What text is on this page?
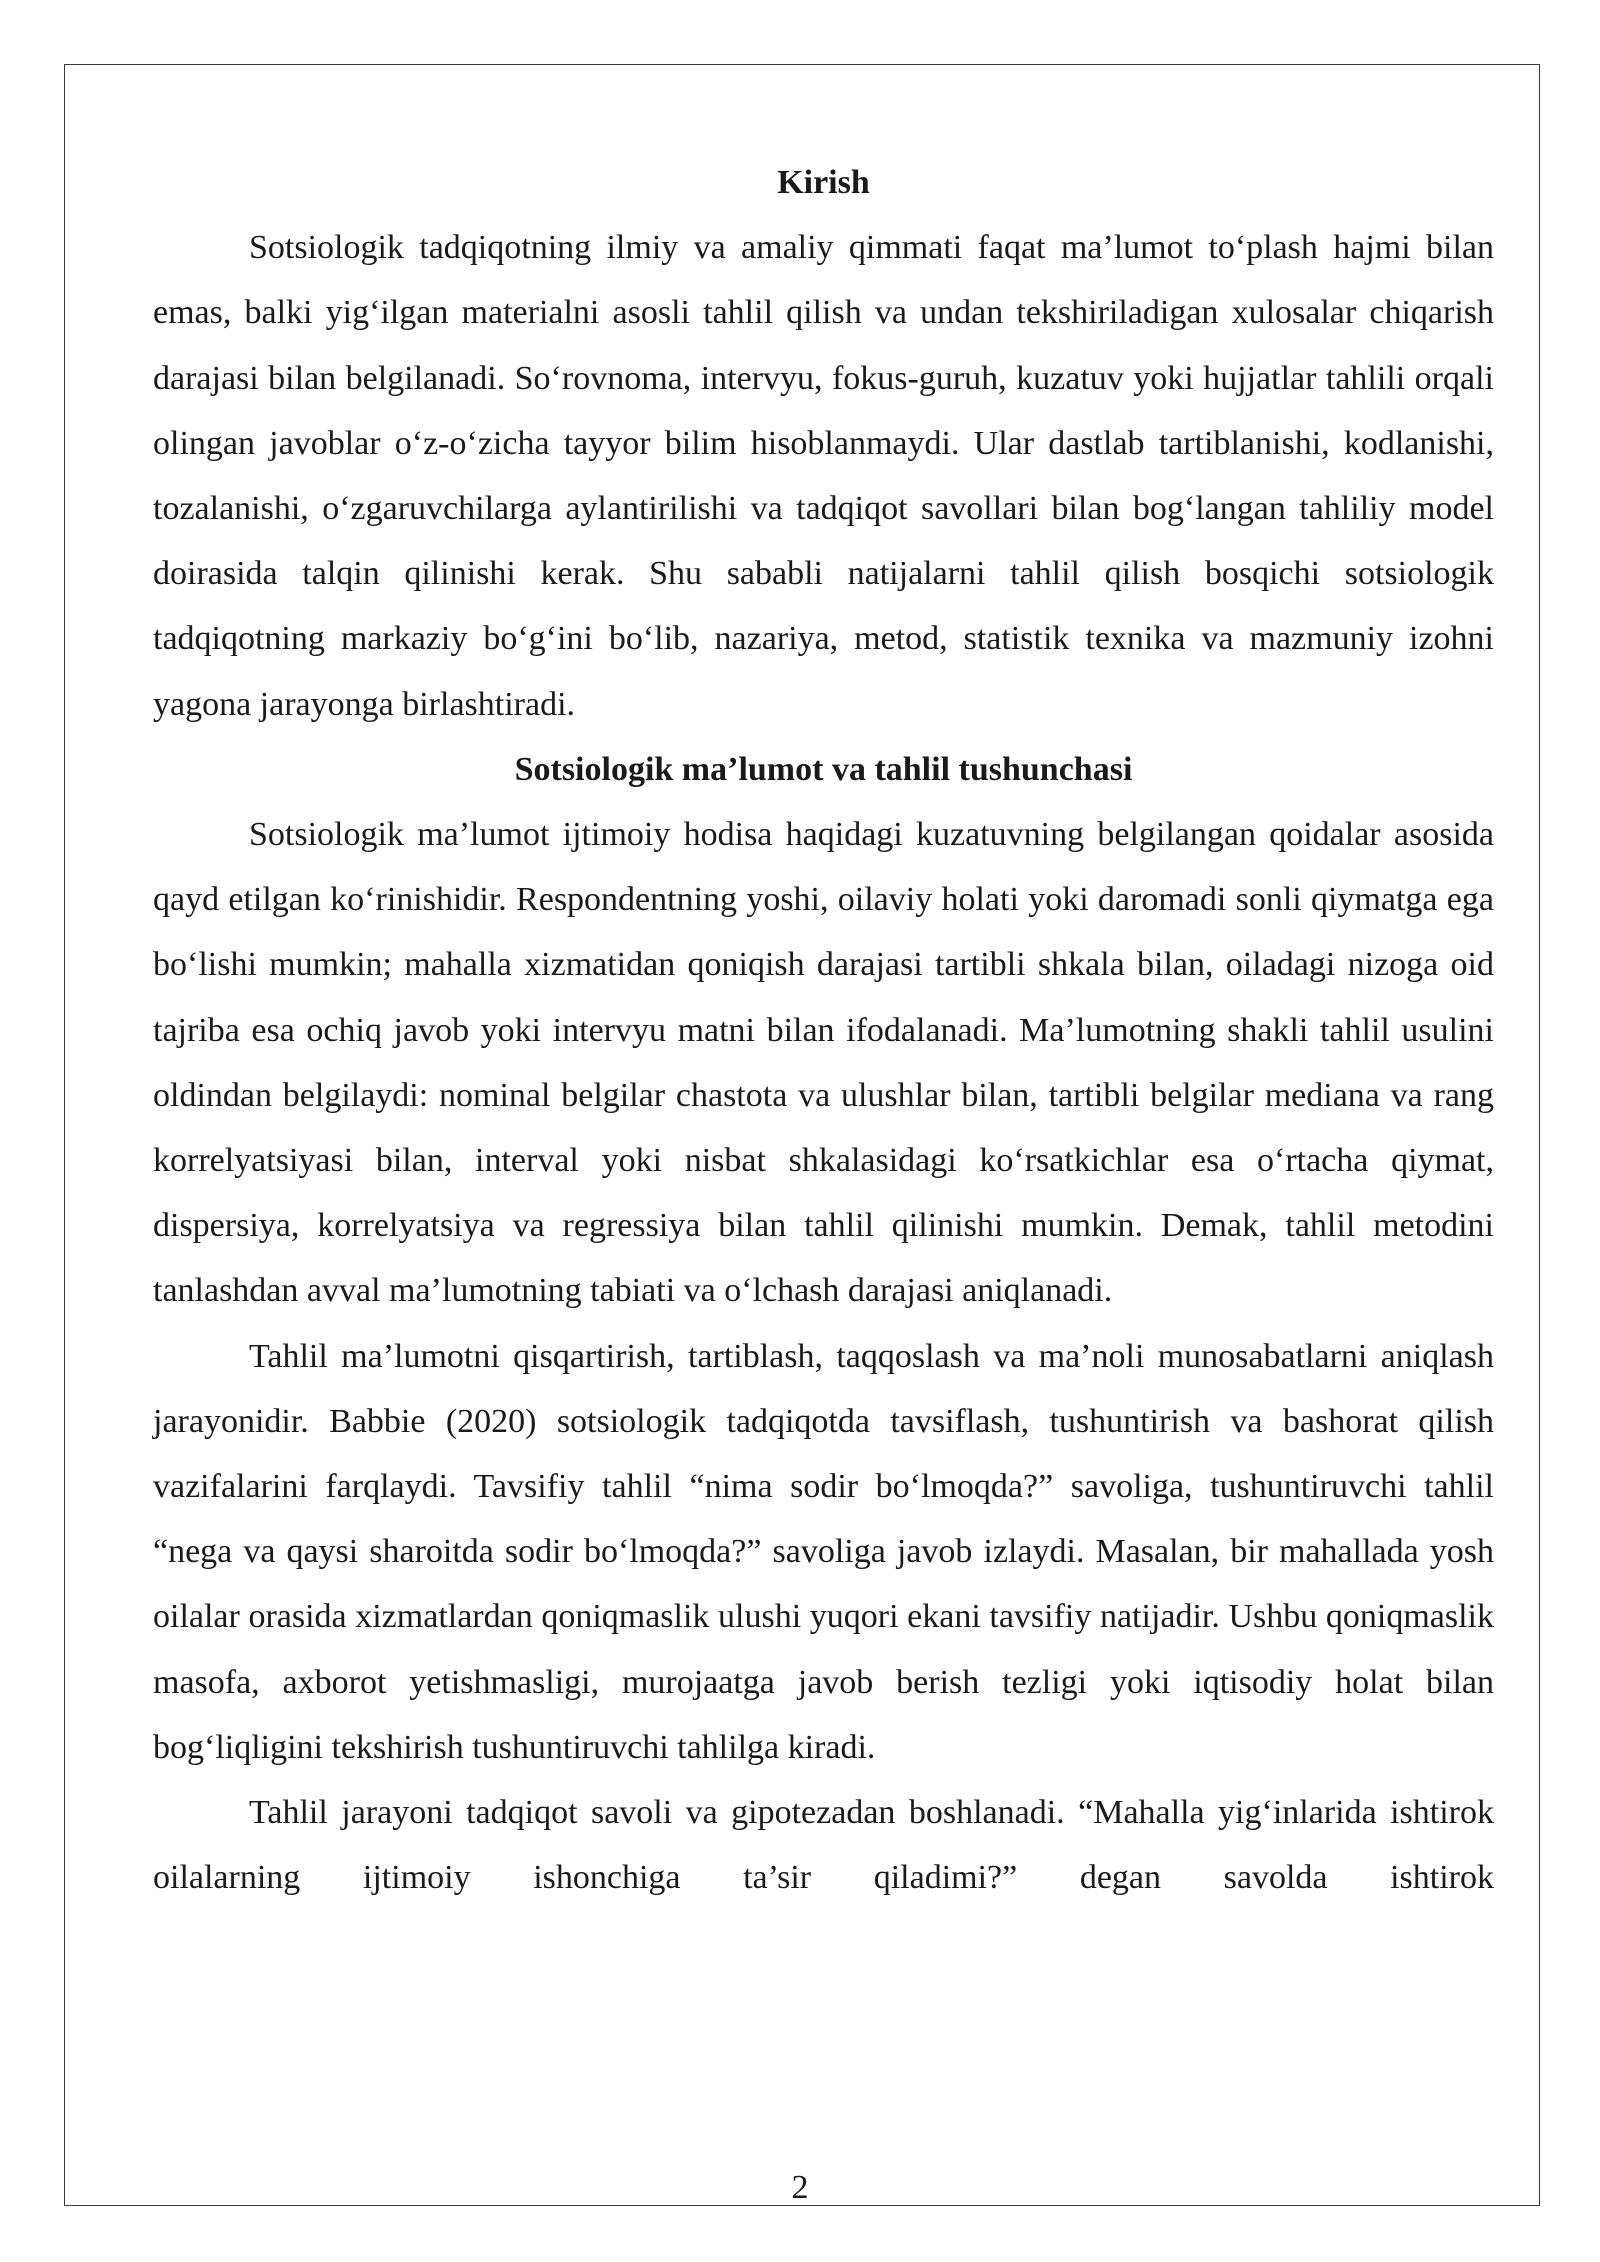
Kirish

Sotsiologik tadqiqotning ilmiy va amaliy qimmati faqat ma’lumot to‘plash hajmi bilan emas, balki yig‘ilgan materialni asosli tahlil qilish va undan tekshiriladigan xulosalar chiqarish darajasi bilan belgilanadi. So‘rovnoma, intervyu, fokus-guruh, kuzatuv yoki hujjatlar tahlili orqali olingan javoblar o‘z-o‘zicha tayyor bilim hisoblanmaydi. Ular dastlab tartiblanishi, kodlanishi, tozalanishi, o‘zgaruvchilarga aylantirilishi va tadqiqot savollari bilan bog‘langan tahliliy model doirasida talqin qilinishi kerak. Shu sababli natijalarni tahlil qilish bosqichi sotsiologik tadqiqotning markaziy bo‘g‘ini bo‘lib, nazariya, metod, statistik texnika va mazmuniy izohni yagona jarayonga birlashtiradi.

Sotsiologik ma’lumot va tahlil tushunchasi

Sotsiologik ma’lumot ijtimoiy hodisa haqidagi kuzatuvning belgilangan qoidalar asosida qayd etilgan ko‘rinishidir. Respondentning yoshi, oilaviy holati yoki daromadi sonli qiymatga ega bo‘lishi mumkin; mahalla xizmatidan qoniqish darajasi tartibli shkala bilan, oiladagi nizoga oid tajriba esa ochiq javob yoki intervyu matni bilan ifodalanadi. Ma’lumotning shakli tahlil usulini oldindan belgilaydi: nominal belgilar chastota va ulushlar bilan, tartibli belgilar mediana va rang korrelyatsiyasi bilan, interval yoki nisbat shkalasidagi ko‘rsatkichlar esa o‘rtacha qiymat, dispersiya, korrelyatsiya va regressiya bilan tahlil qilinishi mumkin. Demak, tahlil metodini tanlashdan avval ma’lumotning tabiati va o‘lchash darajasi aniqlanadi.

Tahlil ma’lumotni qisqartirish, tartiblash, taqqoslash va ma’noli munosabatlarni aniqlash jarayonidir. Babbie (2020) sotsiologik tadqiqotda tavsiflash, tushuntirish va bashorat qilish vazifalarini farqlaydi. Tavsifiy tahlil “nima sodir bo‘lmoqda?” savoliga, tushuntiruvchi tahlil “nega va qaysi sharoitda sodir bo‘lmoqda?” savoliga javob izlaydi. Masalan, bir mahallada yosh oilalar orasida xizmatlardan qoniqmaslik ulushi yuqori ekani tavsifiy natijadir. Ushbu qoniqmaslik masofa, axborot yetishmasligi, murojaatga javob berish tezligi yoki iqtisodiy holat bilan bog‘liqligini tekshirish tushuntiruvchi tahlilga kiradi.

Tahlil jarayoni tadqiqot savoli va gipotezadan boshlanadi. “Mahalla yig‘inlarida ishtirok oilalarning ijtimoiy ishonchiga ta’sir qiladimi?” degan savolda ishtirok

2
